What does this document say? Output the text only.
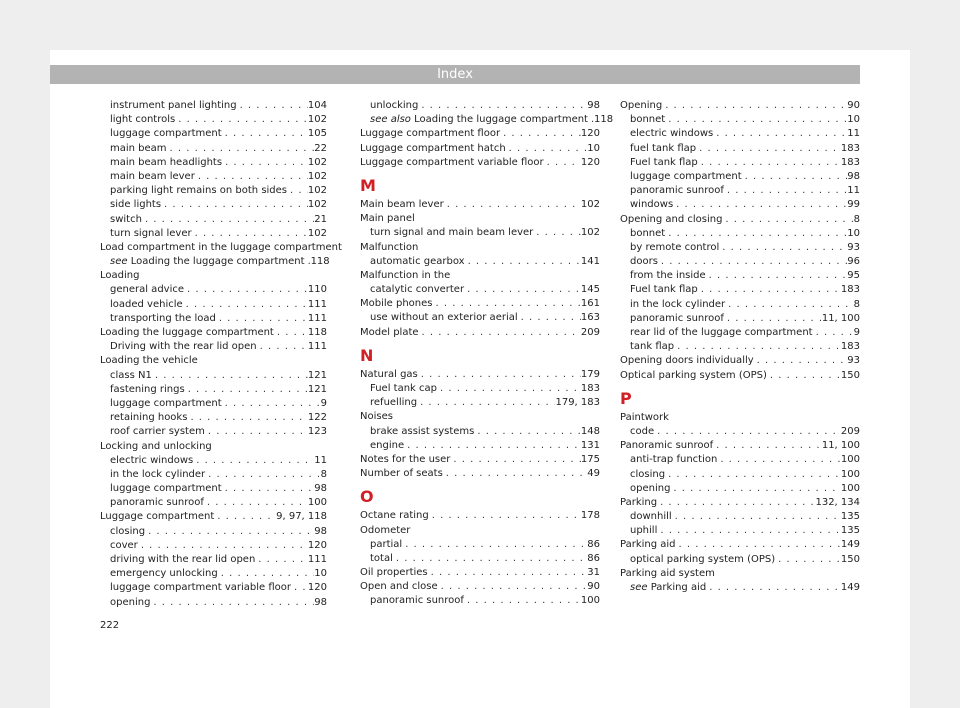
Index
instrument panel lighting . . .	104
light controls . . .	102
luggage compartment . . .	105
main beam . . .	22
main beam headlights . . .	102
main beam lever . . .	102
parking light remains on both sides . . . 102
side lights . . .	102
switch . . .	21
turn signal lever . . .	102
Load compartment in the luggage compartment
see Loading the luggage compartment . . . 118
Loading
general advice . . .	110
loaded vehicle . . .	111
transporting the load . . .	111
Loading the luggage compartment . . .	118
Driving with the rear lid open . . .	111
Loading the vehicle
class N1 . . .	121
fastening rings . . .	121
luggage compartment . . .	9
retaining hooks . . .	122
roof carrier system . . .	123
Locking and unlocking
electric windows . . .	11
in the lock cylinder . . .	8
luggage compartment . . .	98
panoramic sunroof . . .	100
Luggage compartment . . .	9, 97, 118
closing . . .	98
cover . . .	120
driving with the rear lid open . . .	111
emergency unlocking . . .	10
luggage compartment variable floor . . . 120
opening . . .	98
unlocking . . .	98
see also Loading the luggage compartment . . . 118
Luggage compartment floor . . .	120
Luggage compartment hatch . . .	10
Luggage compartment variable floor . . .	120
M
Main beam lever . . .	102
Main panel
turn signal and main beam lever . . .	102
Malfunction
automatic gearbox . . .	141
Malfunction in the
catalytic converter . . .	145
Mobile phones . . .	161
use without an exterior aerial . . .	163
Model plate . . .	209
N
Natural gas . . .	179
Fuel tank cap . . .	183
refuelling . . .	179, 183
Noises
brake assist systems . . .	148
engine . . .	131
Notes for the user . . .	175
Number of seats . . .	49
O
Octane rating . . .	178
Odometer
partial . . .	86
total . . .	86
Oil properties . . .	31
Open and close . . .	90
panoramic sunroof . . .	100
Opening . . .	90
bonnet . . .	10
electric windows . . .	11
fuel tank flap . . .	183
Fuel tank flap . . .	183
luggage compartment . . .	98
panoramic sunroof . . .	11
windows . . .	99
Opening and closing . . .	8
bonnet . . .	10
by remote control . . .	93
doors . . .	96
from the inside . . .	95
Fuel tank flap . . .	183
in the lock cylinder . . .	8
panoramic sunroof . . .	11, 100
rear lid of the luggage compartment . . .	9
tank flap . . .	183
Opening doors individually . . .	93
Optical parking system (OPS) . . .	150
P
Paintwork
code . . .	209
Panoramic sunroof . . .	11, 100
anti-trap function . . .	100
closing . . .	100
opening . . .	100
Parking . . .	132, 134
downhill . . .	135
uphill . . .	135
Parking aid . . .	149
optical parking system (OPS) . . .	150
Parking aid system
see Parking aid . . .	149
222
